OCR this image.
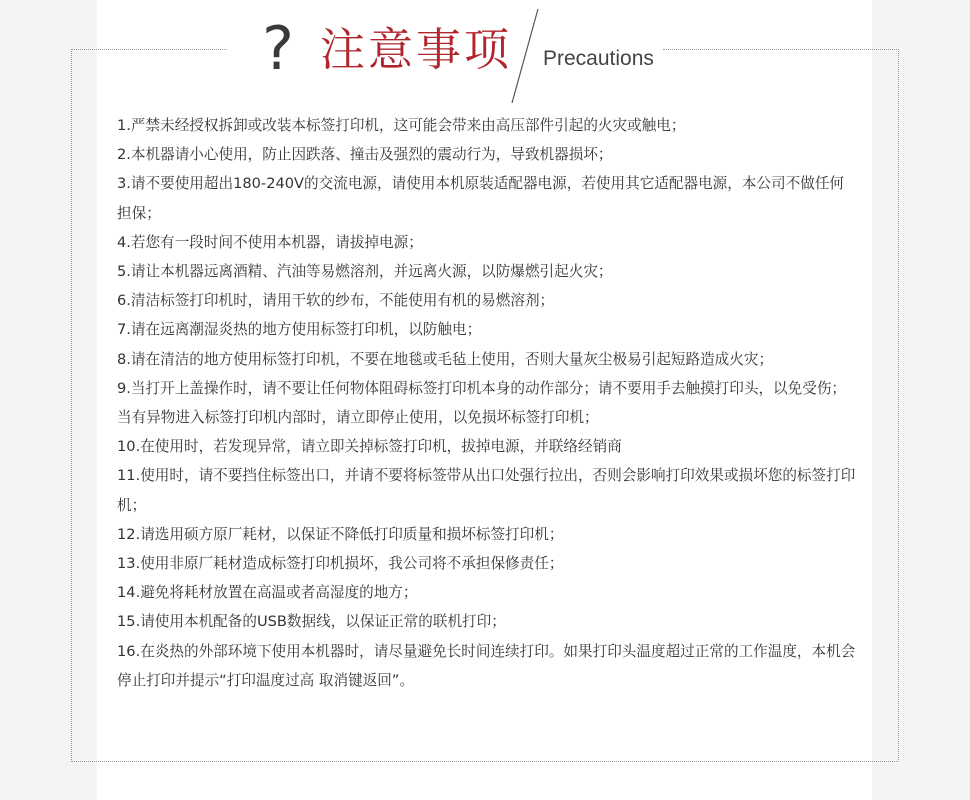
? 注意事项 Precautions
1.严禁未经授权拆卸或改装本标签打印机，这可能会带来由高压部件引起的火灾或触电；
2.本机器请小心使用，防止因跌落、撞击及强烈的震动行为，导致机器损坏；
3.请不要使用超出180-240V的交流电源，请使用本机原装适配器电源，若使用其它适配器电源，本公司不做任何担保；
4.若您有一段时间不使用本机器，请拔掉电源；
5.请让本机器远离酒精、汽油等易燃溶剂，并远离火源，以防爆燃引起火灾；
6.清洁标签打印机时，请用干软的纱布，不能使用有机的易燃溶剂；
7.请在远离潮湿炎热的地方使用标签打印机，以防触电；
8.请在清洁的地方使用标签打印机，不要在地毯或毛毡上使用，否则大量灰尘极易引起短路造成火灾；
9.当打开上盖操作时，请不要让任何物体阻碍标签打印机本身的动作部分；请不要用手去触摸打印头，以免受伤；当有异物进入标签打印机内部时，请立即停止使用，以免损坏标签打印机；
10.在使用时，若发现异常，请立即关掉标签打印机，拔掉电源，并联络经销商
11.使用时，请不要挡住标签出口，并请不要将标签带从出口处强行拉出，否则会影响打印效果或损坏您的标签打印机；
12.请选用硕方原厂耗材，以保证不降低打印质量和损坏标签打印机；
13.使用非原厂耗材造成标签打印机损坏，我公司将不承担保修责任；
14.避免将耗材放置在高温或者高湿度的地方；
15.请使用本机配备的USB数据线，以保证正常的联机打印；
16.在炎热的外部环境下使用本机器时，请尽量避免长时间连续打印。如果打印头温度超过正常的工作温度，本机会停止打印并提示“打印温度过高 取消键返回”。
